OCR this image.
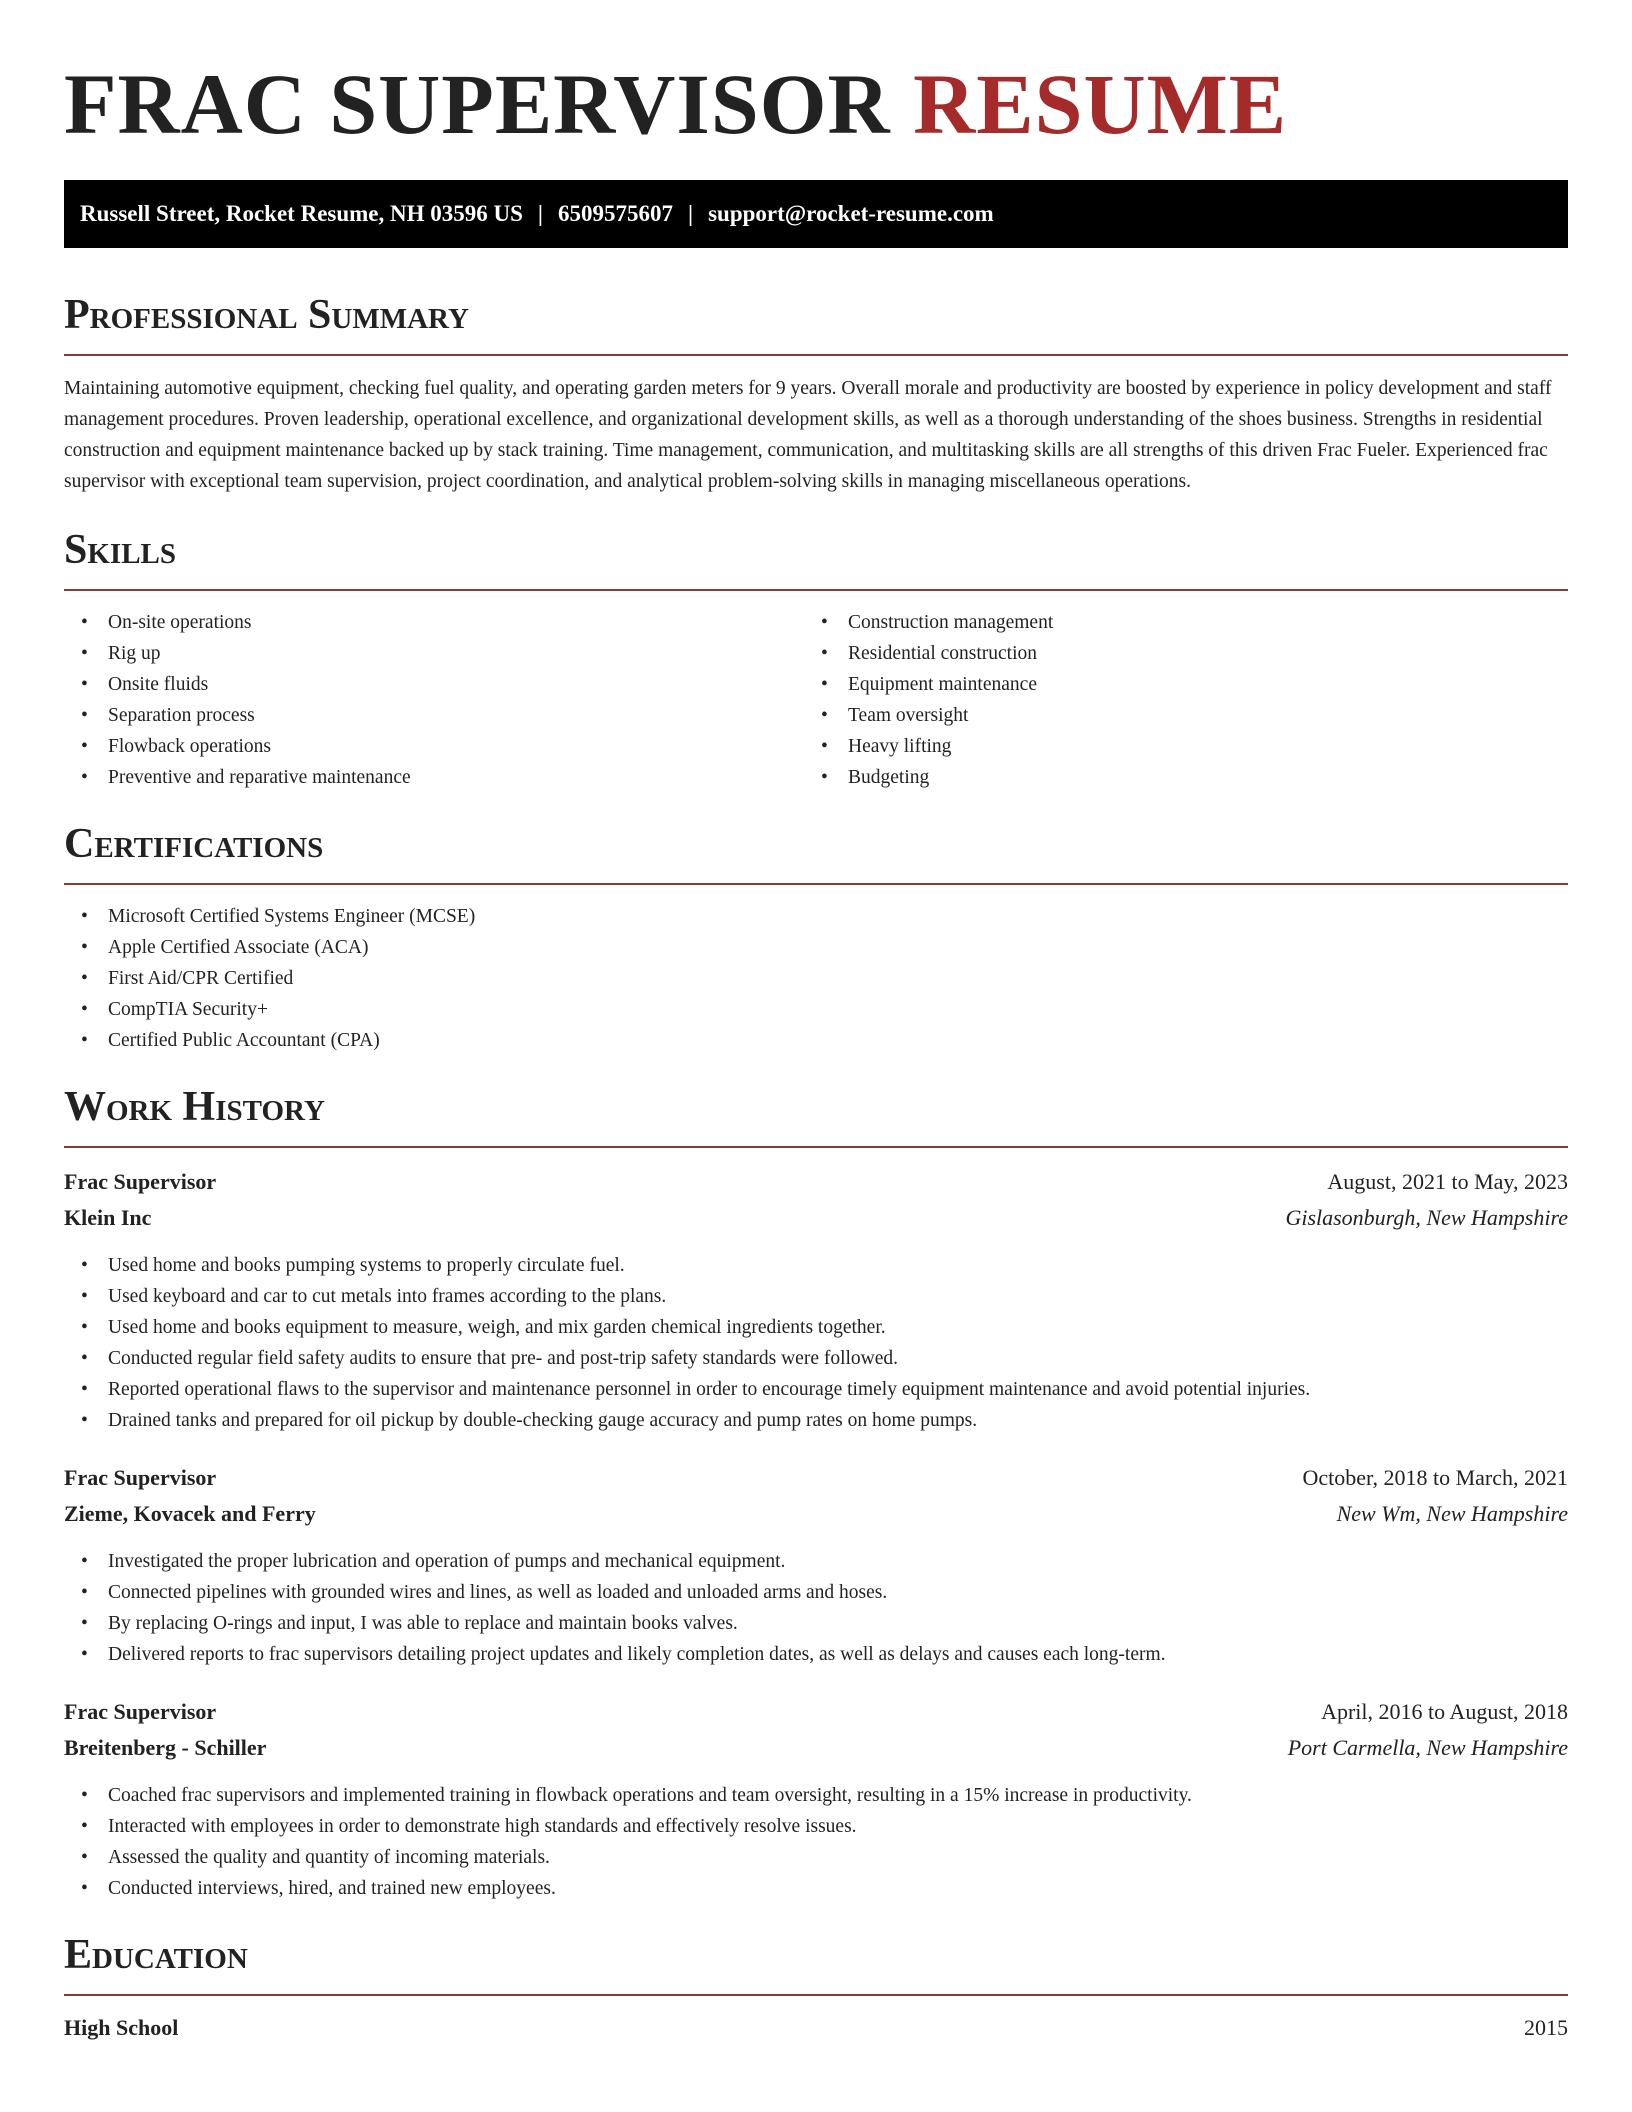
FRAC SUPERVISOR RESUME
Russell Street, Rocket Resume, NH 03596 US | 6509575607 | support@rocket-resume.com
Professional Summary

Maintaining automotive equipment, checking fuel quality, and operating garden meters for 9 years. Overall morale and productivity are boosted by experience in policy development and staff management procedures. Proven leadership, operational excellence, and organizational development skills, as well as a thorough understanding of the shoes business. Strengths in residential construction and equipment maintenance backed up by stack training. Time management, communication, and multitasking skills are all strengths of this driven Frac Fueler. Experienced frac supervisor with exceptional team supervision, project coordination, and analytical problem-solving skills in managing miscellaneous operations.

Skills
• On-site operations
• Rig up
• Onsite fluids
• Separation process
• Flowback operations
• Preventive and reparative maintenance
• Construction management
• Residential construction
• Equipment maintenance
• Team oversight
• Heavy lifting
• Budgeting
Certifications
• Microsoft Certified Systems Engineer (MCSE)
• Apple Certified Associate (ACA)
• First Aid/CPR Certified
• CompTIA Security+
• Certified Public Accountant (CPA)
Work History
Frac Supervisor	August, 2021 to May, 2023
Klein Inc	Gislasonburgh, New Hampshire
• Used home and books pumping systems to properly circulate fuel.
• Used keyboard and car to cut metals into frames according to the plans.
• Used home and books equipment to measure, weigh, and mix garden chemical ingredients together.
• Conducted regular field safety audits to ensure that pre- and post-trip safety standards were followed.
• Reported operational flaws to the supervisor and maintenance personnel in order to encourage timely equipment maintenance and avoid potential injuries.
• Drained tanks and prepared for oil pickup by double-checking gauge accuracy and pump rates on home pumps.
Frac Supervisor	October, 2018 to March, 2021
Zieme, Kovacek and Ferry	New Wm, New Hampshire
• Investigated the proper lubrication and operation of pumps and mechanical equipment.
• Connected pipelines with grounded wires and lines, as well as loaded and unloaded arms and hoses.
• By replacing O-rings and input, I was able to replace and maintain books valves.
• Delivered reports to frac supervisors detailing project updates and likely completion dates, as well as delays and causes each long-term.
Frac Supervisor	April, 2016 to August, 2018
Breitenberg - Schiller	Port Carmella, New Hampshire
• Coached frac supervisors and implemented training in flowback operations and team oversight, resulting in a 15% increase in productivity.
• Interacted with employees in order to demonstrate high standards and effectively resolve issues.
• Assessed the quality and quantity of incoming materials.
• Conducted interviews, hired, and trained new employees.
Education
High School	2015
